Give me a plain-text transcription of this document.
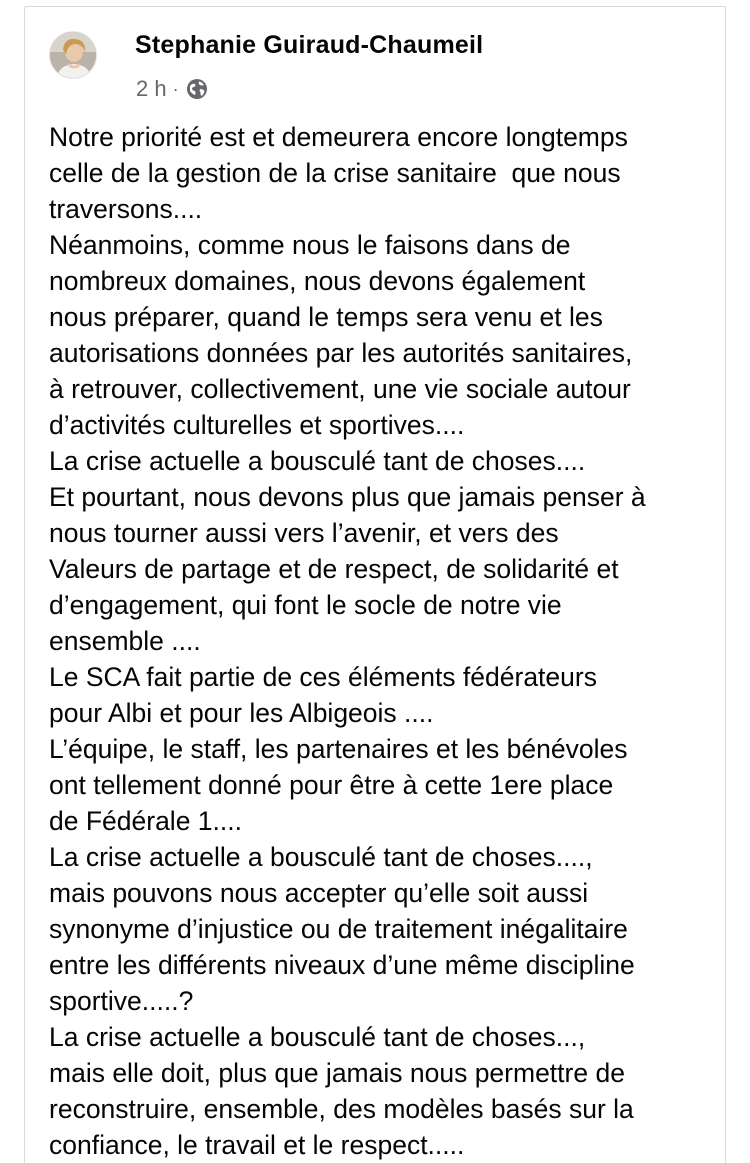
Stephanie Guiraud-Chaumeil
2 h ·
Notre priorité est et demeurera encore longtemps
celle de la gestion de la crise sanitaire  que nous
traversons....
Néanmoins, comme nous le faisons dans de
nombreux domaines, nous devons également
nous préparer, quand le temps sera venu et les
autorisations données par les autorités sanitaires,
à retrouver, collectivement, une vie sociale autour
d’activités culturelles et sportives....
La crise actuelle a bousculé tant de choses....
Et pourtant, nous devons plus que jamais penser à
nous tourner aussi vers l’avenir, et vers des
Valeurs de partage et de respect, de solidarité et
d’engagement, qui font le socle de notre vie
ensemble ....
Le SCA fait partie de ces éléments fédérateurs
pour Albi et pour les Albigeois ....
L’équipe, le staff, les partenaires et les bénévoles
ont tellement donné pour être à cette 1ere place
de Fédérale 1....
La crise actuelle a bousculé tant de choses....,
mais pouvons nous accepter qu’elle soit aussi
synonyme d’injustice ou de traitement inégalitaire
entre les différents niveaux d’une même discipline
sportive.....?
La crise actuelle a bousculé tant de choses...,
mais elle doit, plus que jamais nous permettre de
reconstruire, ensemble, des modèles basés sur la
confiance, le travail et le respect.....
